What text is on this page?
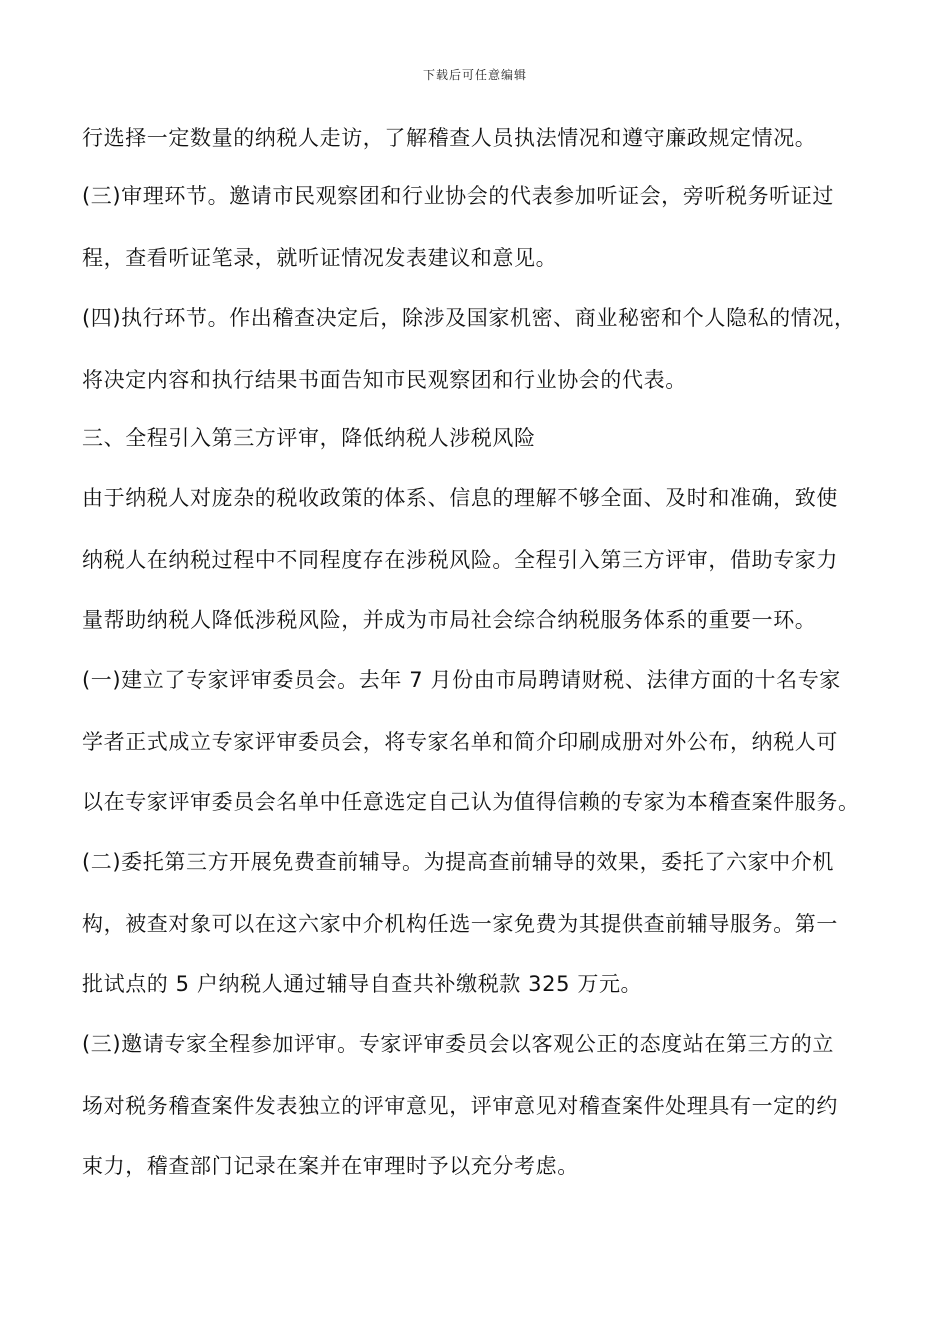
下载后可任意编辑
行选择一定数量的纳税人走访，了解稽查人员执法情况和遵守廉政规定情况。
(三)审理环节。邀请市民观察团和行业协会的代表参加听证会，旁听税务听证过
程，查看听证笔录，就听证情况发表建议和意见。
(四)执行环节。作出稽查决定后，除涉及国家机密、商业秘密和个人隐私的情况，
将决定内容和执行结果书面告知市民观察团和行业协会的代表。
三、全程引入第三方评审，降低纳税人涉税风险
由于纳税人对庞杂的税收政策的体系、信息的理解不够全面、及时和准确，致使
纳税人在纳税过程中不同程度存在涉税风险。全程引入第三方评审，借助专家力
量帮助纳税人降低涉税风险，并成为市局社会综合纳税服务体系的重要一环。
(一)建立了专家评审委员会。去年 7 月份由市局聘请财税、法律方面的十名专家
学者正式成立专家评审委员会，将专家名单和简介印刷成册对外公布，纳税人可
以在专家评审委员会名单中任意选定自己认为值得信赖的专家为本稽查案件服务。
(二)委托第三方开展免费查前辅导。为提高查前辅导的效果，委托了六家中介机
构，被查对象可以在这六家中介机构任选一家免费为其提供查前辅导服务。第一
批试点的 5 户纳税人通过辅导自查共补缴税款 325 万元。
(三)邀请专家全程参加评审。专家评审委员会以客观公正的态度站在第三方的立
场对税务稽查案件发表独立的评审意见，评审意见对稽查案件处理具有一定的约
束力，稽查部门记录在案并在审理时予以充分考虑。
